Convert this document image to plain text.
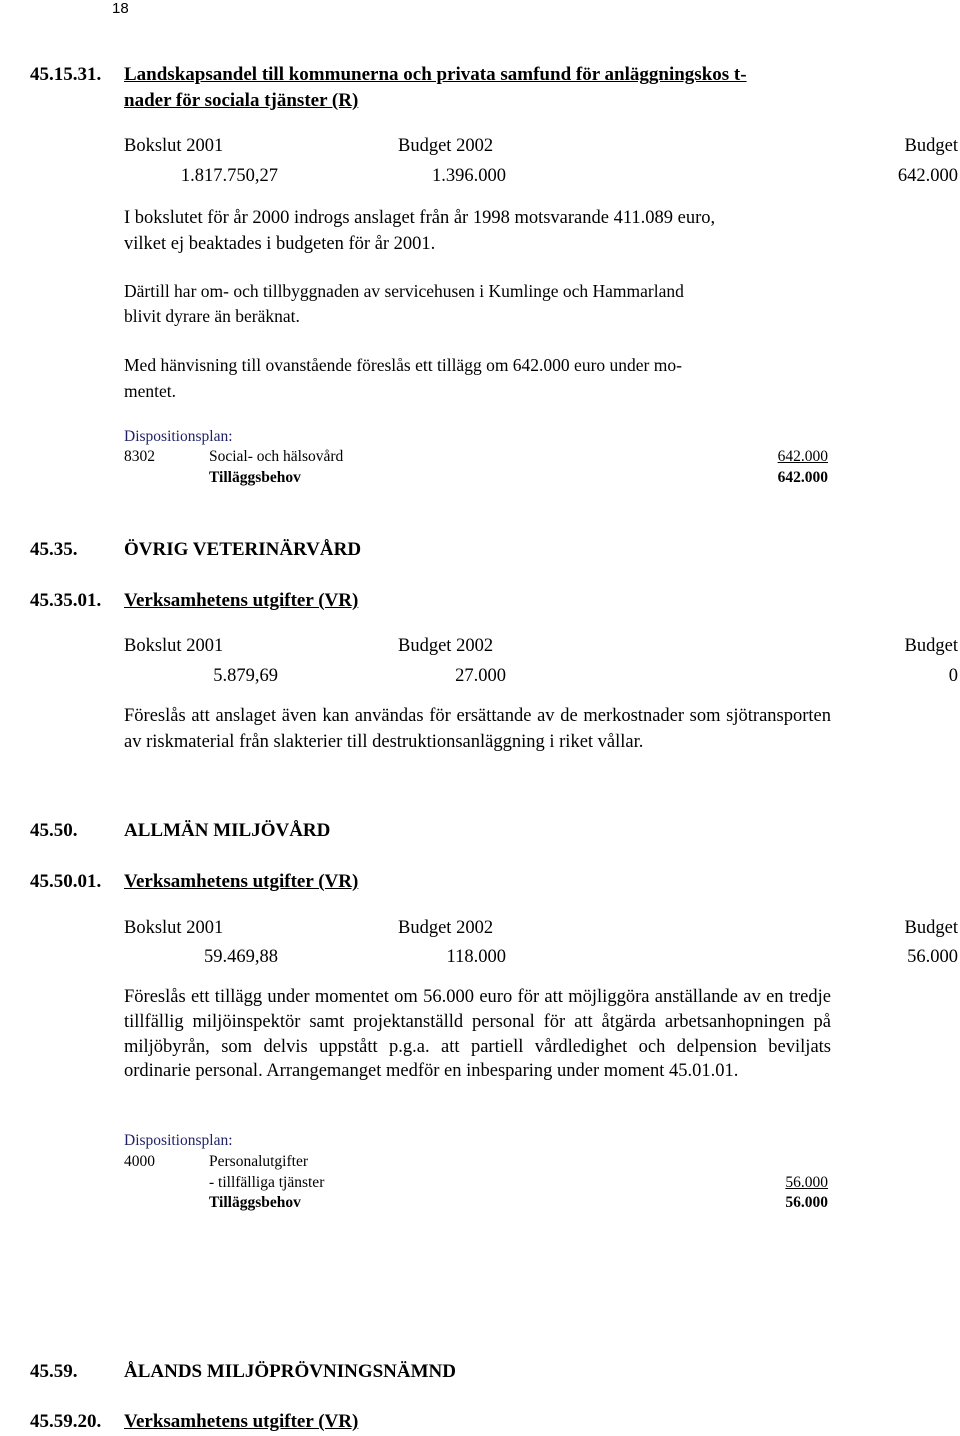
18
45.15.31. Landskapsandel till kommunerna och privata samfund för anläggningskos t-
nader för sociala tjänster (R)
Bokslut 2001	Budget 2002	Budget
1.817.750,27	1.396.000	642.000
I bokslutet för år 2000 indrogs anslaget från år 1998 motsvarande 411.089 euro,
vilket ej beaktades i budgeten för år 2001.
Därtill har om- och tillbyggnaden av servicehusen i Kumlinge och Hammarland
blivit dyrare än beräknat.
Med hänvisning till ovanstående föreslås ett tillägg om 642.000 euro under mo-
mentet.
Dispositionsplan:
8302	Social- och hälsovård	642.000
Tilläggsbehov	642.000
45.35. ÖVRIG VETERINÄRVÅRD
45.35.01. Verksamhetens utgifter (VR)
Bokslut 2001	Budget 2002	Budget
5.879,69	27.000	0
Föreslås att anslaget även kan användas för ersättande av de merkostnader som sjötransporten av riskmaterial från slakterier till destruktionsanläggning i riket vållar.
45.50. ALLMÄN MILJÖVÅRD
45.50.01. Verksamhetens utgifter (VR)
Bokslut 2001	Budget 2002	Budget
59.469,88	118.000	56.000
Föreslås ett tillägg under momentet om 56.000 euro för att möjliggöra anställande av en tredje tillfällig miljöinspektör samt projektanställd personal för att åtgärda arbetsanhopningen på miljöbyrån, som delvis uppstått p.g.a. att partiell vårdledighet och delpension beviljats ordinarie personal. Arrangemanget medför en inbesparing under moment 45.01.01.
Dispositionsplan:
4000	Personalutgifter
- tillfälliga tjänster	56.000
Tilläggsbehov	56.000
45.59. ÅLANDS MILJÖPRÖVNINGSNÄMND
45.59.20. Verksamhetens utgifter (VR)
